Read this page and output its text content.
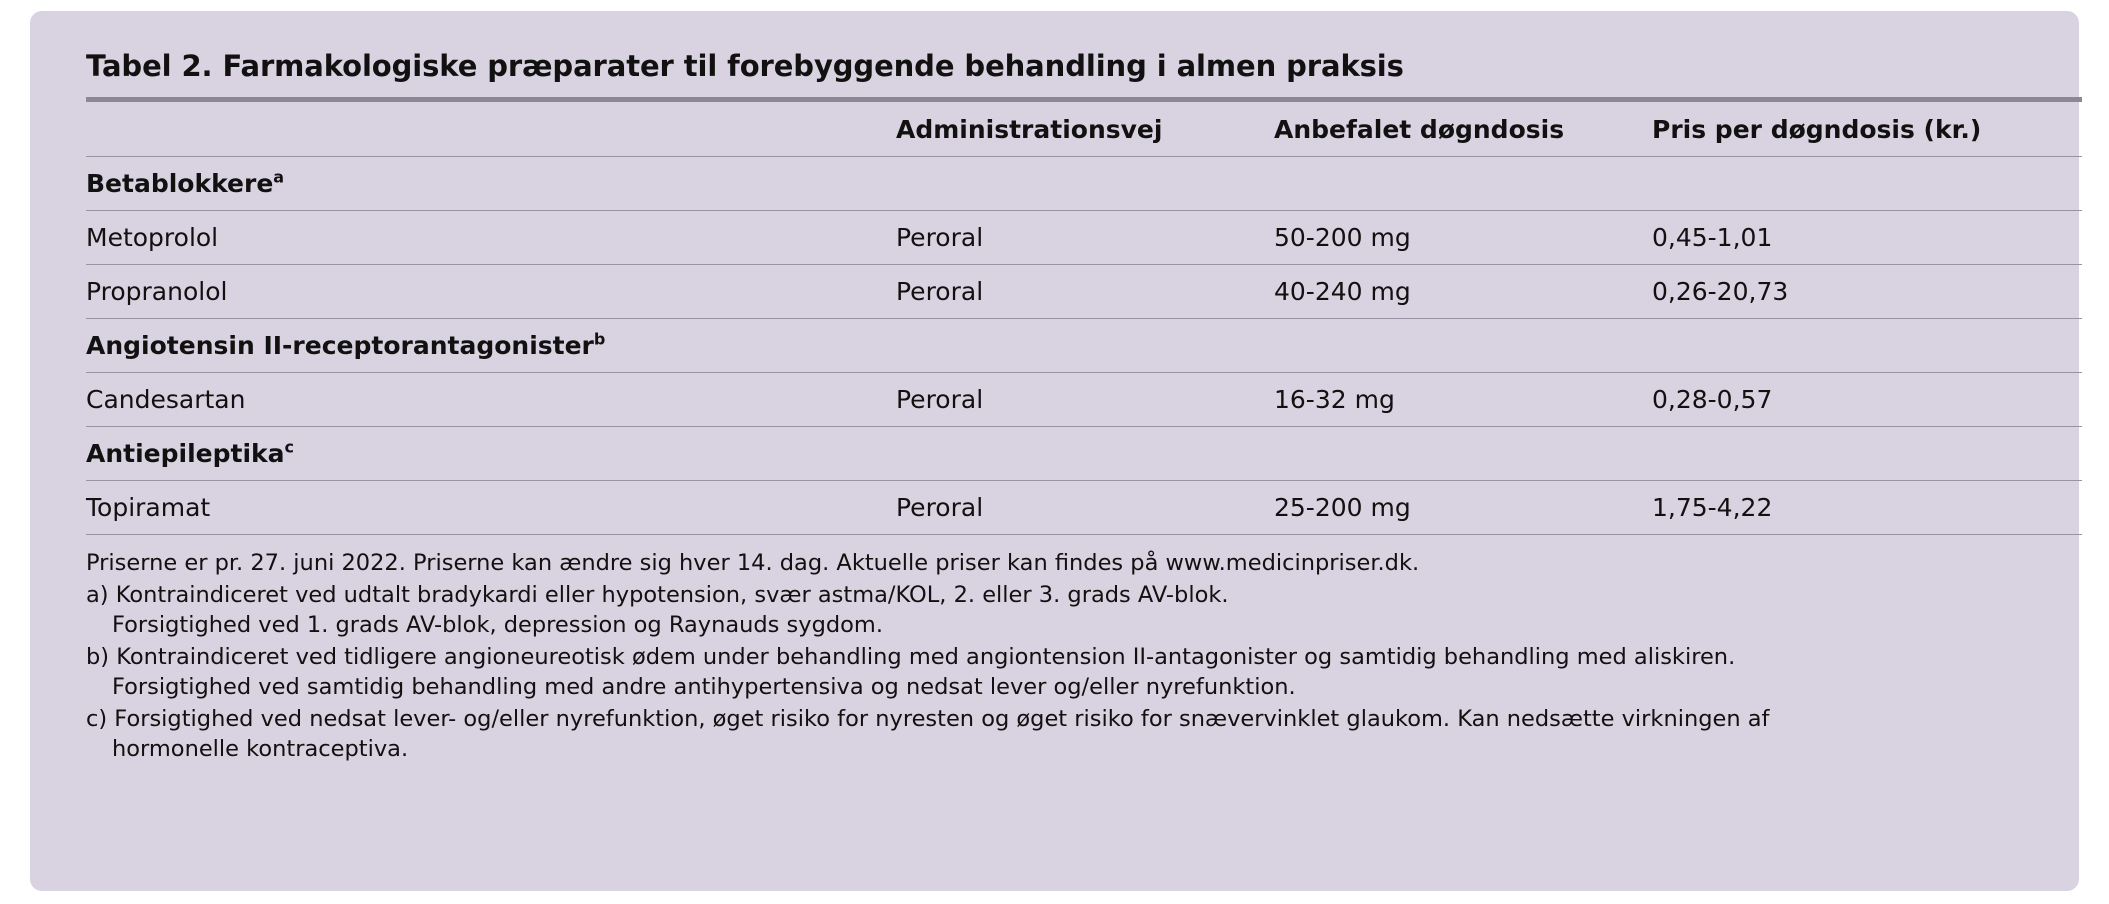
Tabel 2. Farmakologiske præparater til forebyggende behandling i almen praksis
	Administrationsvej	Anbefalet døgndosis	Pris per døgndosis (kr.)
Betablokkere$^a$
Metoprolol	Peroral	50-200 mg	0,45-1,01
Propranolol	Peroral	40-240 mg	0,26-20,73
Angiotensin II-receptorantagonister$^b$
Candesartan	Peroral	16-32 mg	0,28-0,57
Antiepileptika$^c$
Topiramat	Peroral	25-200 mg	1,75-4,22
Priserne er pr. 27. juni 2022. Priserne kan ændre sig hver 14. dag. Aktuelle priser kan findes på www.medicinpriser.dk.
a) Kontraindiceret ved udtalt bradykardi eller hypotension, svær astma/KOL, 2. eller 3. grads AV-blok.
Forsigtighed ved 1. grads AV-blok, depression og Raynauds sygdom.
b) Kontraindiceret ved tidligere angioneureotisk ødem under behandling med angiontension II-antagonister og samtidig behandling med aliskiren.
Forsigtighed ved samtidig behandling med andre antihypertensiva og nedsat lever og/eller nyrefunktion.
c) Forsigtighed ved nedsat lever- og/eller nyrefunktion, øget risiko for nyresten og øget risiko for snævervinklet glaukom. Kan nedsætte virkningen af
hormonelle kontraceptiva.
